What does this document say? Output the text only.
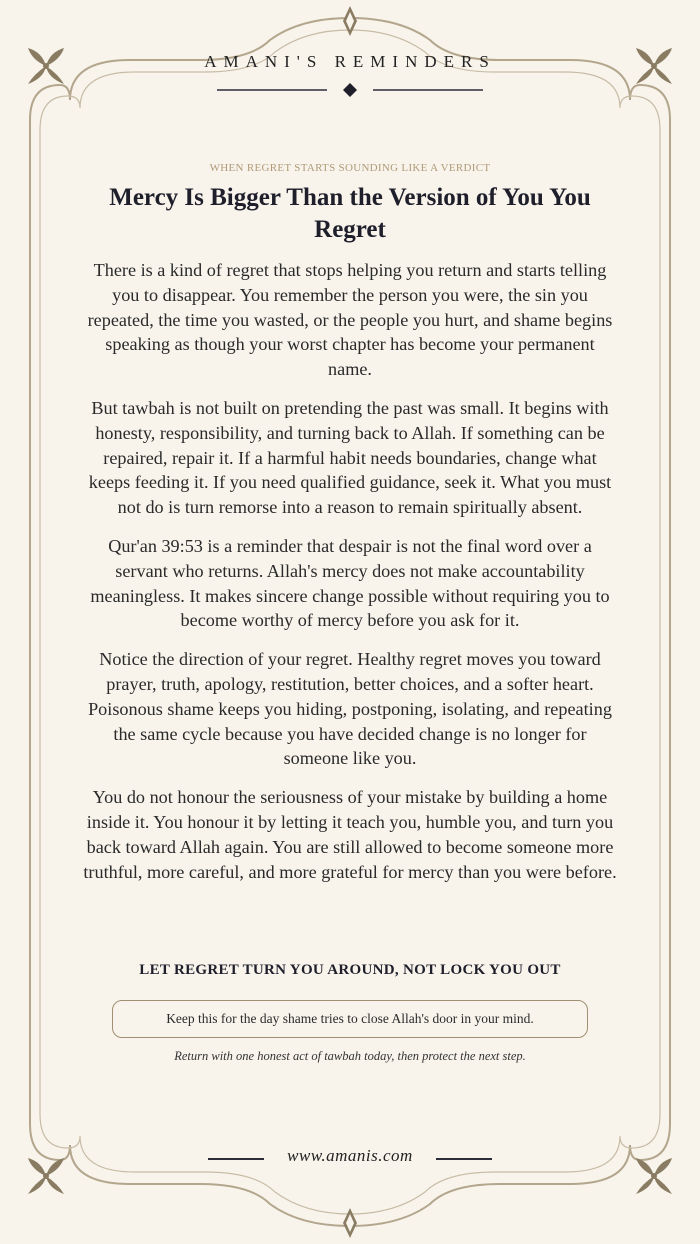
AMANI'S REMINDERS
WHEN REGRET STARTS SOUNDING LIKE A VERDICT
Mercy Is Bigger Than the Version of You You Regret

There is a kind of regret that stops helping you return and starts telling you to disappear. You remember the person you were, the sin you repeated, the time you wasted, or the people you hurt, and shame begins speaking as though your worst chapter has become your permanent name.

But tawbah is not built on pretending the past was small. It begins with honesty, responsibility, and turning back to Allah. If something can be repaired, repair it. If a harmful habit needs boundaries, change what keeps feeding it. If you need qualified guidance, seek it. What you must not do is turn remorse into a reason to remain spiritually absent.

Qur'an 39:53 is a reminder that despair is not the final word over a servant who returns. Allah's mercy does not make accountability meaningless. It makes sincere change possible without requiring you to become worthy of mercy before you ask for it.

Notice the direction of your regret. Healthy regret moves you toward prayer, truth, apology, restitution, better choices, and a softer heart. Poisonous shame keeps you hiding, postponing, isolating, and repeating the same cycle because you have decided change is no longer for someone like you.

You do not honour the seriousness of your mistake by building a home inside it. You honour it by letting it teach you, humble you, and turn you back toward Allah again. You are still allowed to become someone more truthful, more careful, and more grateful for mercy than you were before.

LET REGRET TURN YOU AROUND, NOT LOCK YOU OUT
Keep this for the day shame tries to close Allah's door in your mind.
Return with one honest act of tawbah today, then protect the next step.
www.amanis.com
